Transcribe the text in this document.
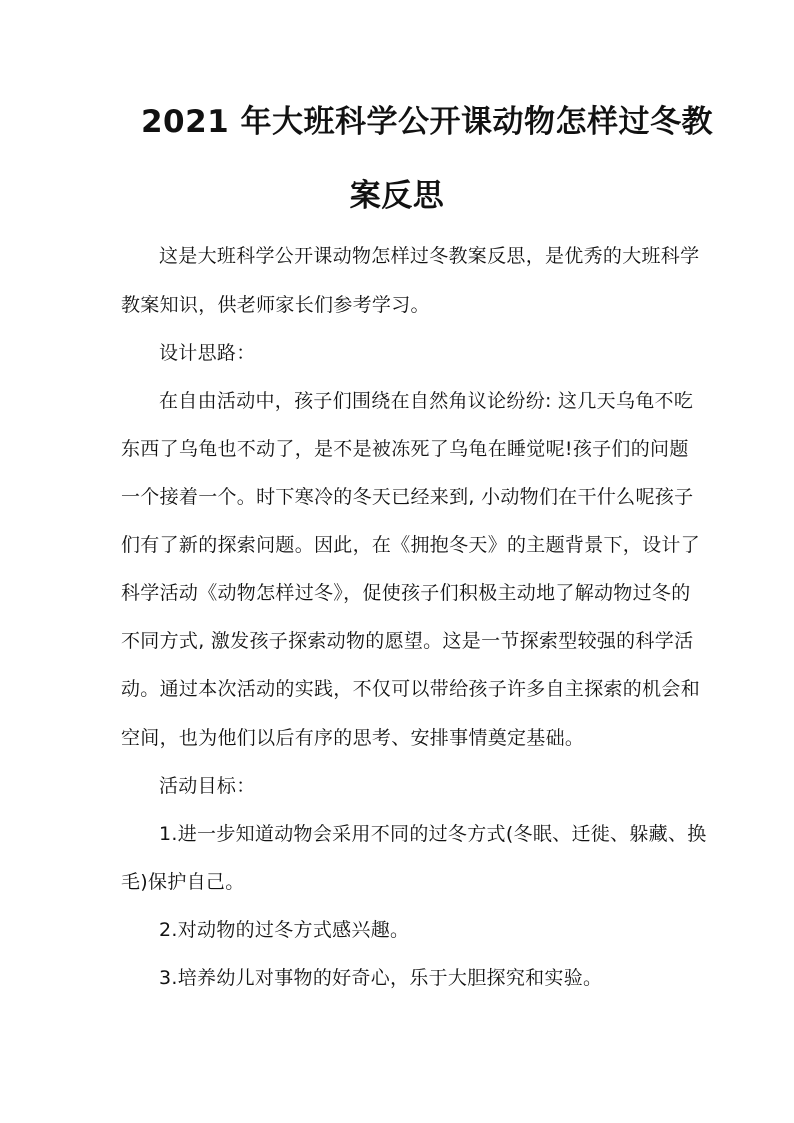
2021 年大班科学公开课动物怎样过冬教
案反思
这是大班科学公开课动物怎样过冬教案反思，是优秀的大班科学
教案知识，供老师家长们参考学习。
设计思路：
在自由活动中，孩子们围绕在自然角议论纷纷: 这几天乌龟不吃
东西了乌龟也不动了，是不是被冻死了乌龟在睡觉呢!孩子们的问题
一个接着一个。时下寒冷的冬天已经来到, 小动物们在干什么呢孩子
们有了新的探索问题。因此，在《拥抱冬天》的主题背景下，设计了
科学活动《动物怎样过冬》，促使孩子们积极主动地了解动物过冬的
不同方式, 激发孩子探索动物的愿望。这是一节探索型较强的科学活
动。通过本次活动的实践，不仅可以带给孩子许多自主探索的机会和
空间，也为他们以后有序的思考、安排事情奠定基础。
活动目标：
1.进一步知道动物会采用不同的过冬方式(冬眠、迁徙、躲藏、换
毛)保护自己。
2.对动物的过冬方式感兴趣。
3.培养幼儿对事物的好奇心，乐于大胆探究和实验。
